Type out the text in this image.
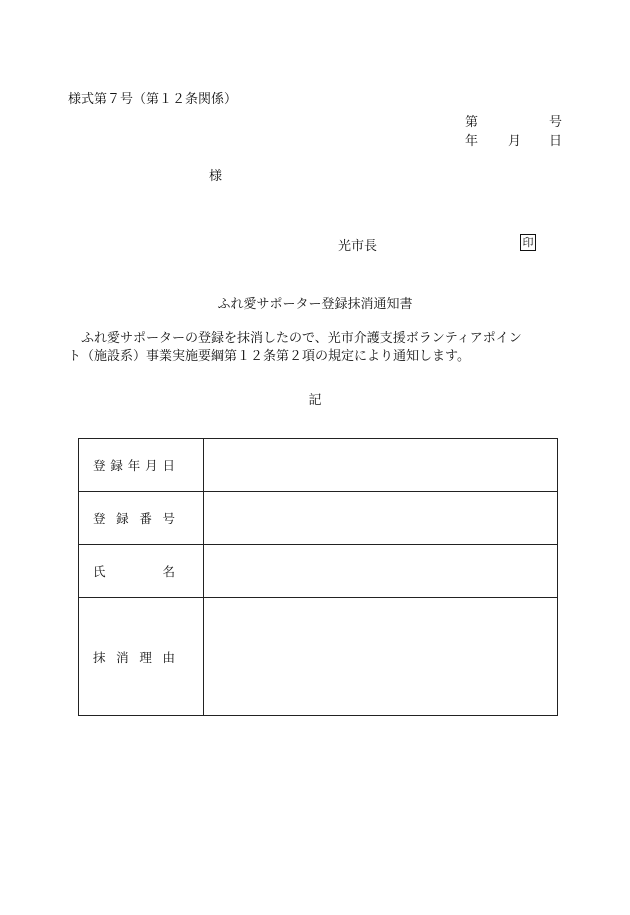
様式第７号（第１２条関係）
第	号
年 月 日
様
光市長	印
ふれ愛サポーター登録抹消通知書

　ふれ愛サポーターの登録を抹消したので、光市介護支援ボランティアポイン

ト（施設系）事業実施要綱第１２条第２項の規定により通知します。

記
登 録 年 月 日	

登 録 番 号	

氏 名	

抹 消 理 由	
